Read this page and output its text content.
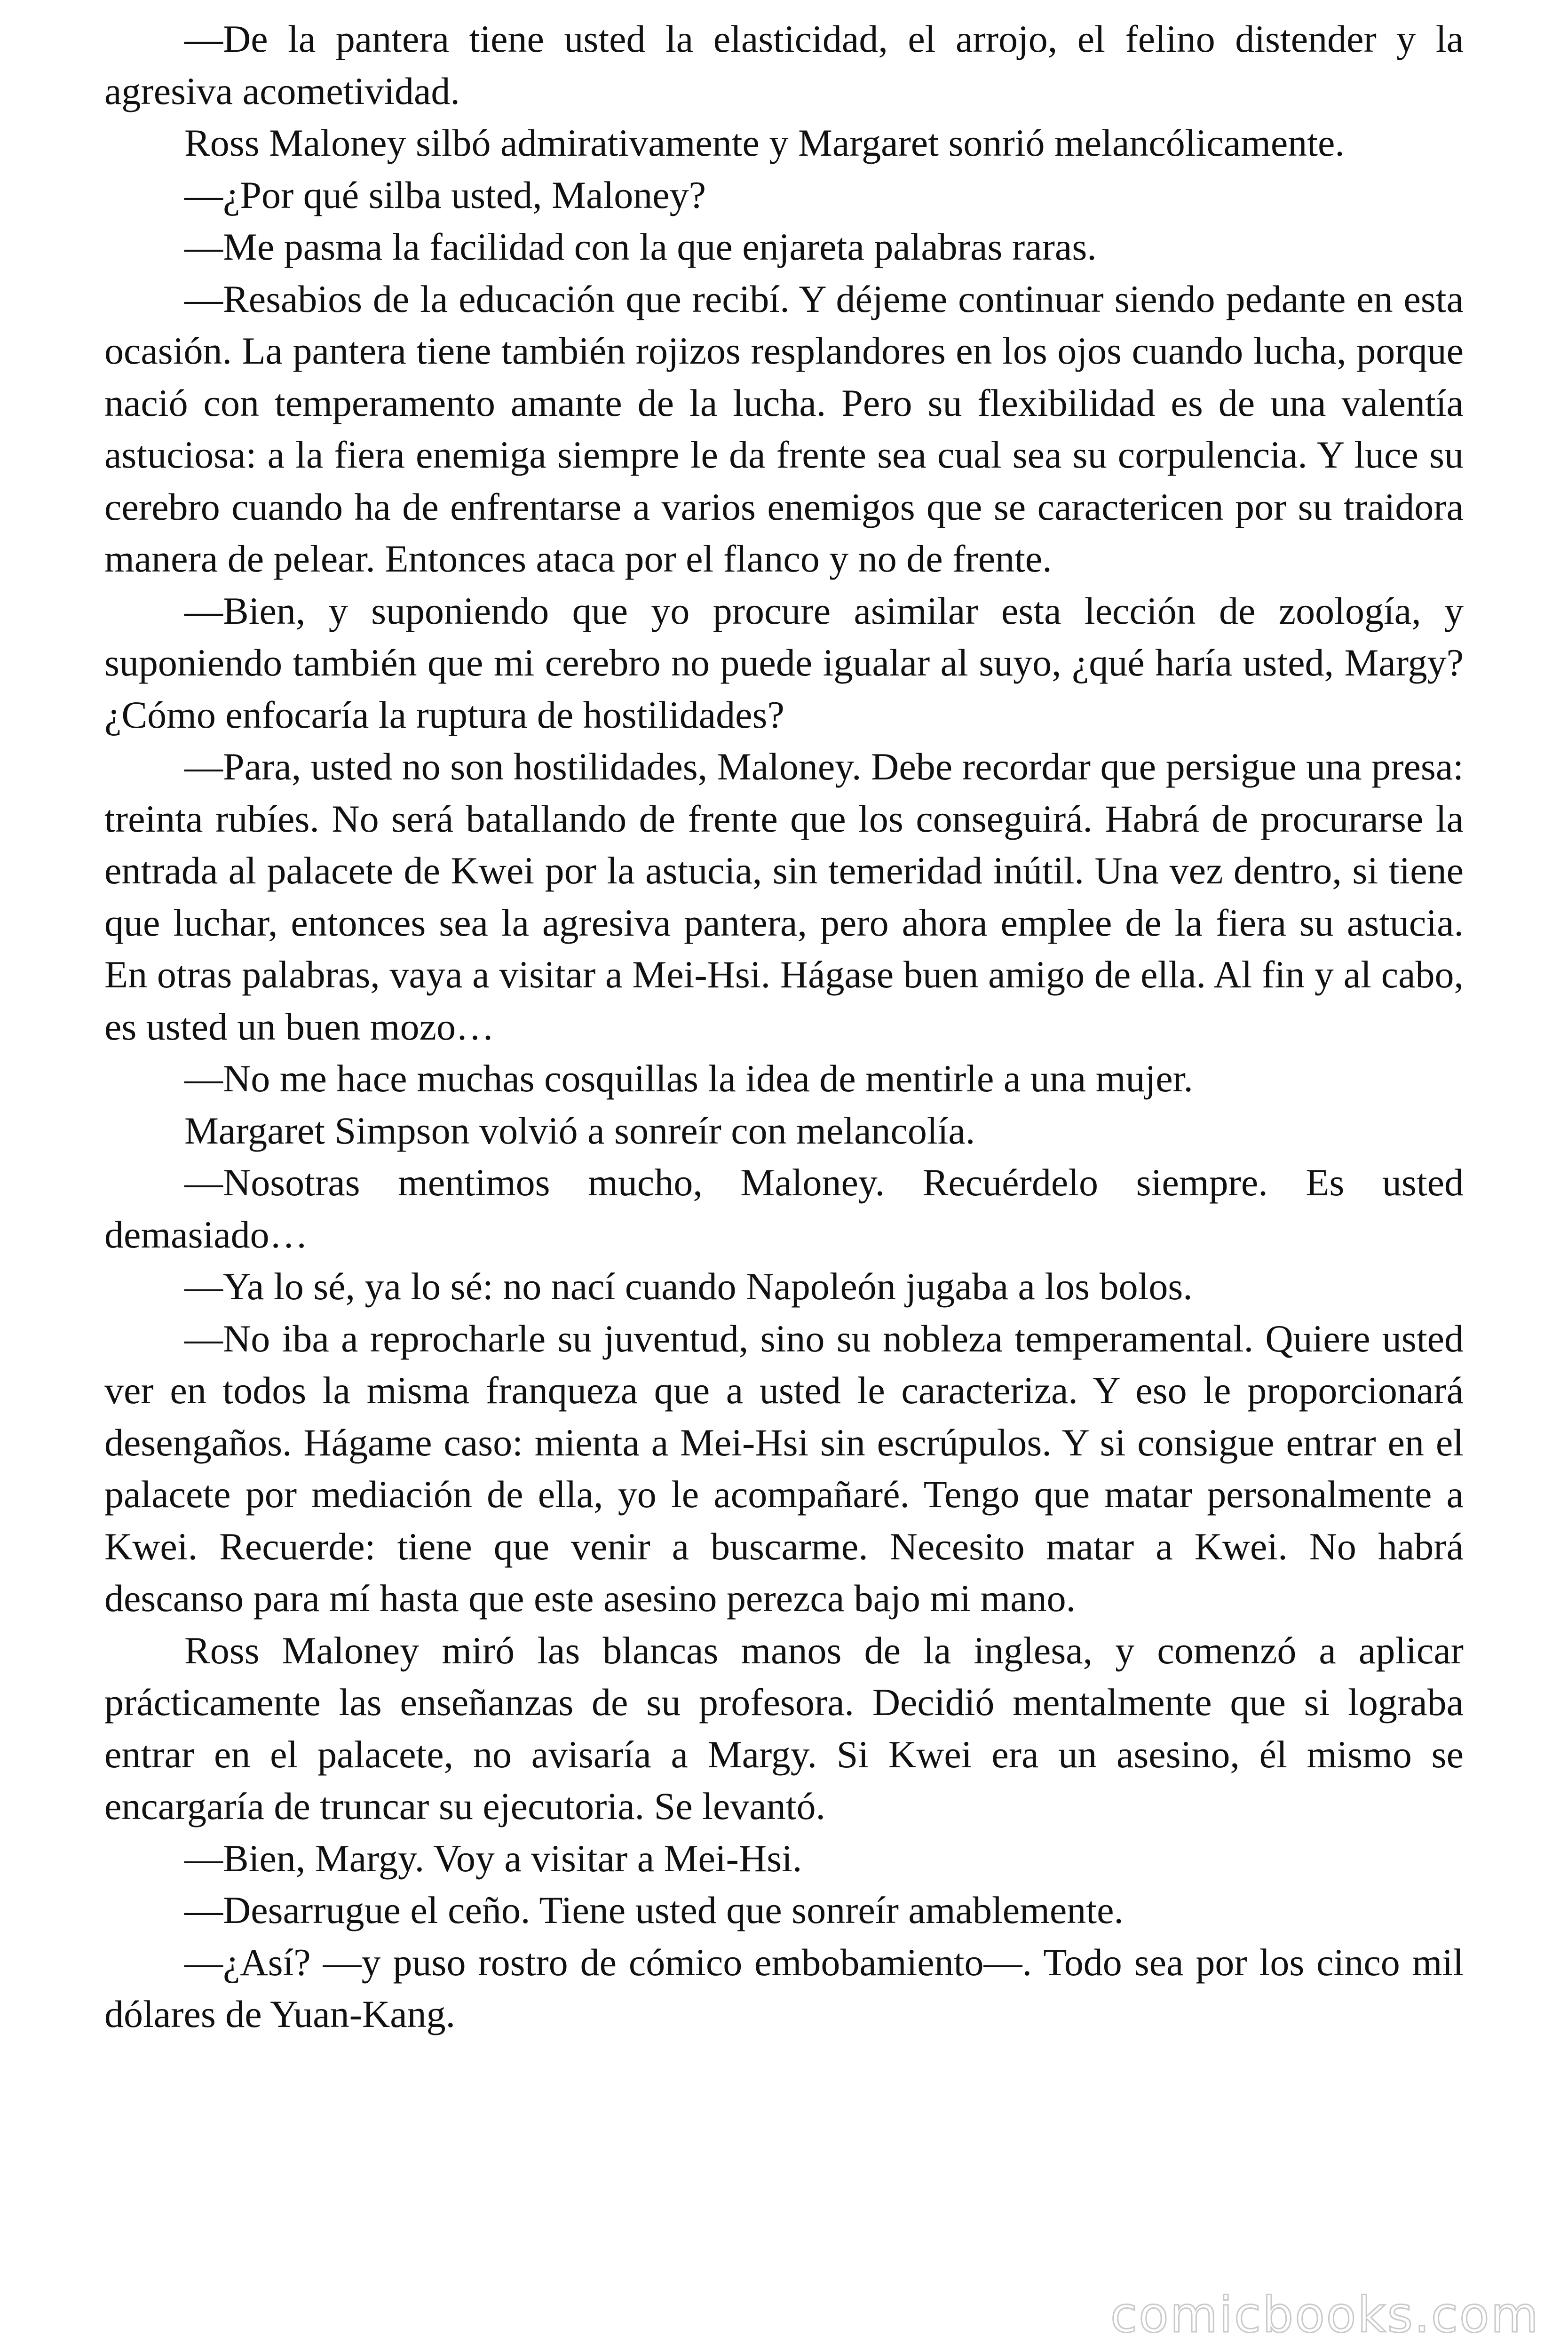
—De la pantera tiene usted la elasticidad, el arrojo, el felino distender y la agresiva acometividad.

Ross Maloney silbó admirativamente y Margaret sonrió melancólicamente.

—¿Por qué silba usted, Maloney?

—Me pasma la facilidad con la que enjareta palabras raras.

—Resabios de la educación que recibí. Y déjeme continuar siendo pedante en esta ocasión. La pantera tiene también rojizos resplandores en los ojos cuando lucha, porque nació con temperamento amante de la lucha. Pero su flexibilidad es de una valentía astuciosa: a la fiera enemiga siempre le da frente sea cual sea su corpulencia. Y luce su cerebro cuando ha de enfrentarse a varios enemigos que se caractericen por su traidora manera de pelear. Entonces ataca por el flanco y no de frente.

—Bien, y suponiendo que yo procure asimilar esta lección de zoología, y suponiendo también que mi cerebro no puede igualar al suyo, ¿qué haría usted, Margy? ¿Cómo enfocaría la ruptura de hostilidades?

—Para, usted no son hostilidades, Maloney. Debe recordar que persigue una presa: treinta rubíes. No será batallando de frente que los conseguirá. Habrá de procurarse la entrada al palacete de Kwei por la astucia, sin temeridad inútil. Una vez dentro, si tiene que luchar, entonces sea la agresiva pantera, pero ahora emplee de la fiera su astucia. En otras palabras, vaya a visitar a Mei-Hsi. Hágase buen amigo de ella. Al fin y al cabo, es usted un buen mozo…

—No me hace muchas cosquillas la idea de mentirle a una mujer.

Margaret Simpson volvió a sonreír con melancolía.

—Nosotras mentimos mucho, Maloney. Recuérdelo siempre. Es usted demasiado…

—Ya lo sé, ya lo sé: no nací cuando Napoleón jugaba a los bolos.

—No iba a reprocharle su juventud, sino su nobleza temperamental. Quiere usted ver en todos la misma franqueza que a usted le caracteriza. Y eso le proporcionará desengaños. Hágame caso: mienta a Mei-Hsi sin escrúpulos. Y si consigue entrar en el palacete por mediación de ella, yo le acompañaré. Tengo que matar personalmente a Kwei. Recuerde: tiene que venir a buscarme. Necesito matar a Kwei. No habrá descanso para mí hasta que este asesino perezca bajo mi mano.

Ross Maloney miró las blancas manos de la inglesa, y comenzó a aplicar prácticamente las enseñanzas de su profesora. Decidió mentalmente que si lograba entrar en el palacete, no avisaría a Margy. Si Kwei era un asesino, él mismo se encargaría de truncar su ejecutoria. Se levantó.

—Bien, Margy. Voy a visitar a Mei-Hsi.

—Desarrugue el ceño. Tiene usted que sonreír amablemente.

—¿Así? —y puso rostro de cómico embobamiento—. Todo sea por los cinco mil dólares de Yuan-Kang.

comicbooks.com
